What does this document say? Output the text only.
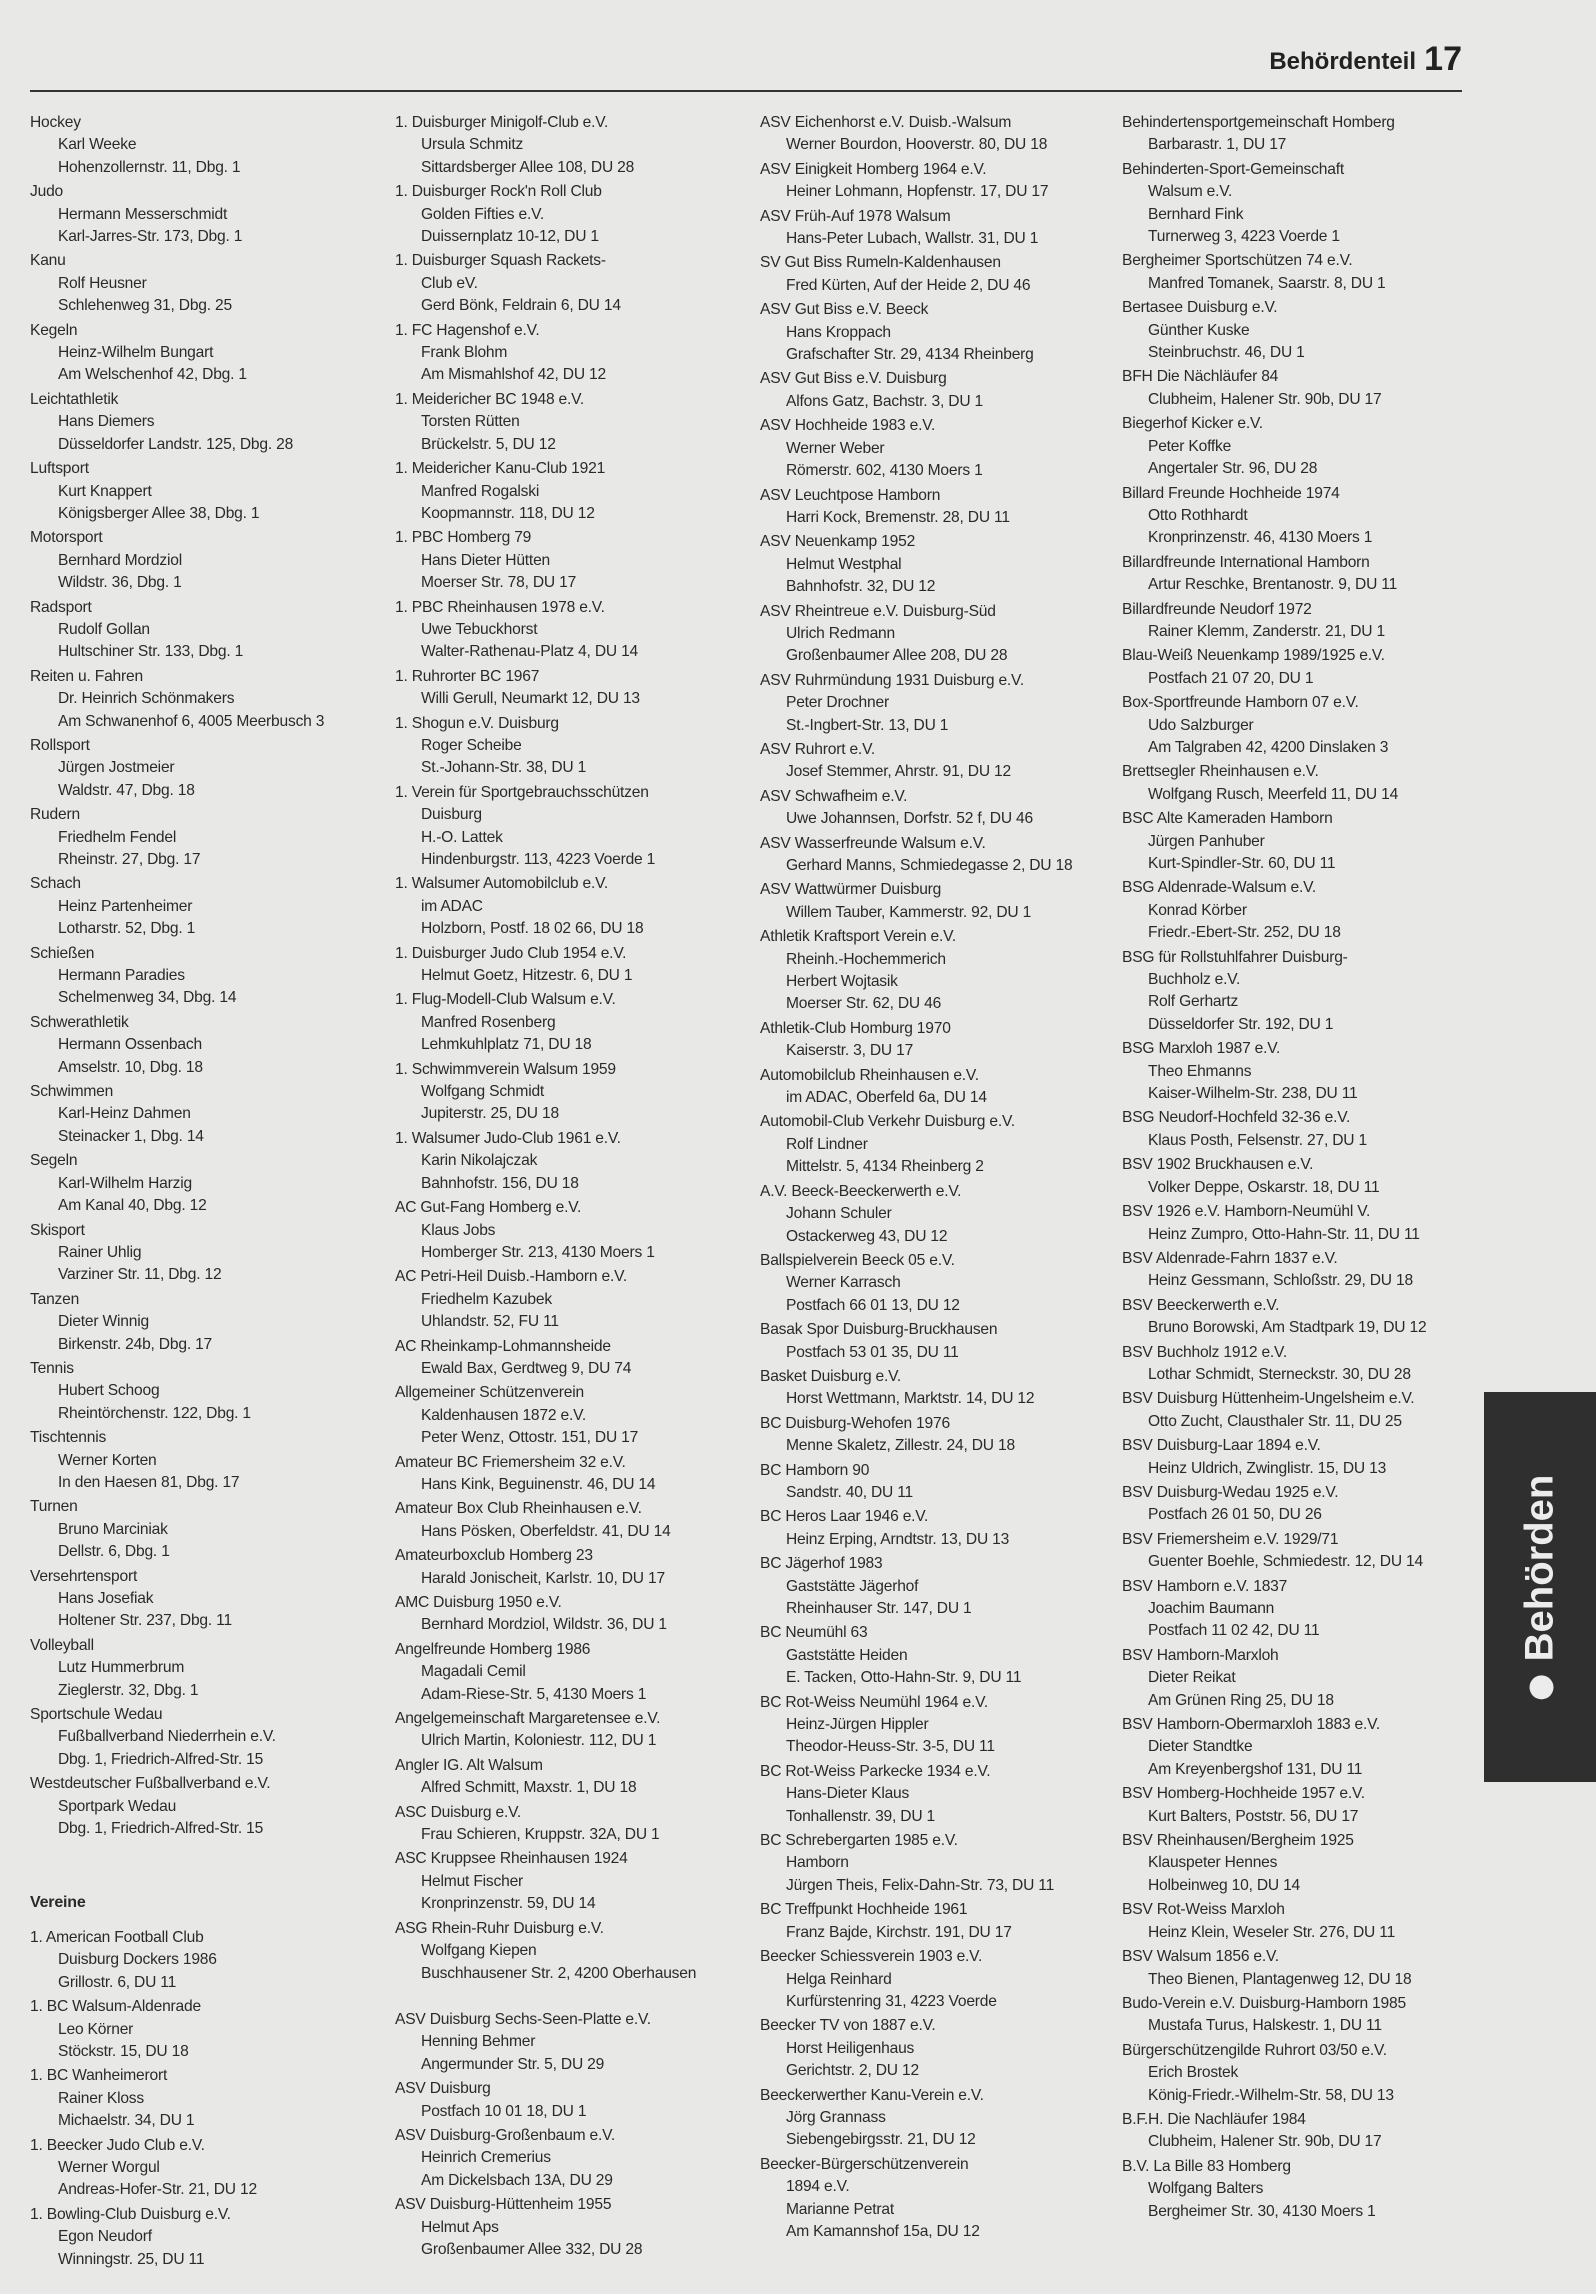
Behördenteil 17
Hockey
Karl Weeke
Hohenzollernstr. 11, Dbg. 1
Judo
Hermann Messerschmidt
Karl-Jarres-Str. 173, Dbg. 1
Kanu
Rolf Heusner
Schlehenweg 31, Dbg. 25
Kegeln
Heinz-Wilhelm Bungart
Am Welschenhof 42, Dbg. 1
Leichtathletik
Hans Diemers
Düsseldorfer Landstr. 125, Dbg. 28
Luftsport
Kurt Knappert
Königsberger Allee 38, Dbg. 1
Motorsport
Bernhard Mordziol
Wildstr. 36, Dbg. 1
Radsport
Rudolf Gollan
Hultschiner Str. 133, Dbg. 1
Reiten u. Fahren
Dr. Heinrich Schönmakers
Am Schwanenhof 6, 4005 Meerbusch 3
Rollsport
Jürgen Jostmeier
Waldstr. 47, Dbg. 18
Rudern
Friedhelm Fendel
Rheinstr. 27, Dbg. 17
Schach
Heinz Partenheimer
Lotharstr. 52, Dbg. 1
Schießen
Hermann Paradies
Schelmenweg 34, Dbg. 14
Schwerathletik
Hermann Ossenbach
Amselstr. 10, Dbg. 18
Schwimmen
Karl-Heinz Dahmen
Steinacker 1, Dbg. 14
Segeln
Karl-Wilhelm Harzig
Am Kanal 40, Dbg. 12
Skisport
Rainer Uhlig
Varziner Str. 11, Dbg. 12
Tanzen
Dieter Winnig
Birkenstr. 24b, Dbg. 17
Tennis
Hubert Schoog
Rheintörchenstr. 122, Dbg. 1
Tischtennis
Werner Korten
In den Haesen 81, Dbg. 17
Turnen
Bruno Marciniak
Dellstr. 6, Dbg. 1
Versehrtensport
Hans Josefiak
Holtener Str. 237, Dbg. 11
Volleyball
Lutz Hummerbrum
Zieglerstr. 32, Dbg. 1
Sportschule Wedau
Fußballverband Niederrhein e.V.
Dbg. 1, Friedrich-Alfred-Str. 15
Westdeutscher Fußballverband e.V.
Sportpark Wedau
Dbg. 1, Friedrich-Alfred-Str. 15
Vereine
1. American Football Club
Duisburg Dockers 1986
Grillostr. 6, DU 11
1. BC Walsum-Aldenrade
Leo Körner
Stöckstr. 15, DU 18
1. BC Wanheimerort
Rainer Kloss
Michaelstr. 34, DU 1
1. Beecker Judo Club e.V.
Werner Worgul
Andreas-Hofer-Str. 21, DU 12
1. Bowling-Club Duisburg e.V.
Egon Neudorf
Winningstr. 25, DU 11
1. Duisburger Minigolf-Club e.V.
Ursula Schmitz
Sittardsberger Allee 108, DU 28
1. Duisburger Rock'n Roll Club
Golden Fifties e.V.
Duissernplatz 10-12, DU 1
1. Duisburger Squash Rackets-
Club eV.
Gerd Bönk, Feldrain 6, DU 14
1. FC Hagenshof e.V.
Frank Blohm
Am Mismahlshof 42, DU 12
1. Meidericher BC 1948 e.V.
Torsten Rütten
Brückelstr. 5, DU 12
1. Meidericher Kanu-Club 1921
Manfred Rogalski
Koopmannstr. 118, DU 12
1. PBC Homberg 79
Hans Dieter Hütten
Moerser Str. 78, DU 17
1. PBC Rheinhausen 1978 e.V.
Uwe Tebuckhorst
Walter-Rathenau-Platz 4, DU 14
1. Ruhrorter BC 1967
Willi Gerull, Neumarkt 12, DU 13
1. Shogun e.V. Duisburg
Roger Scheibe
St.-Johann-Str. 38, DU 1
1. Verein für Sportgebrauchsschützen
Duisburg
H.-O. Lattek
Hindenburgstr. 113, 4223 Voerde 1
1. Walsumer Automobilclub e.V.
im ADAC
Holzborn, Postf. 18 02 66, DU 18
1. Duisburger Judo Club 1954 e.V.
Helmut Goetz, Hitzestr. 6, DU 1
1. Flug-Modell-Club Walsum e.V.
Manfred Rosenberg
Lehmkuhlplatz 71, DU 18
1. Schwimmverein Walsum 1959
Wolfgang Schmidt
Jupiterstr. 25, DU 18
1. Walsumer Judo-Club 1961 e.V.
Karin Nikolajczak
Bahnhofstr. 156, DU 18
AC Gut-Fang Homberg e.V.
Klaus Jobs
Homberger Str. 213, 4130 Moers 1
AC Petri-Heil Duisb.-Hamborn e.V.
Friedhelm Kazubek
Uhlandstr. 52, FU 11
AC Rheinkamp-Lohmannsheide
Ewald Bax, Gerdtweg 9, DU 74
Allgemeiner Schützenverein
Kaldenhausen 1872 e.V.
Peter Wenz, Ottostr. 151, DU 17
Amateur BC Friemersheim 32 e.V.
Hans Kink, Beguinenstr. 46, DU 14
Amateur Box Club Rheinhausen e.V.
Hans Pösken, Oberfeldstr. 41, DU 14
Amateurboxclub Homberg 23
Harald Jonischeit, Karlstr. 10, DU 17
AMC Duisburg 1950 e.V.
Bernhard Mordziol, Wildstr. 36, DU 1
Angelfreunde Homberg 1986
Magadali Cemil
Adam-Riese-Str. 5, 4130 Moers 1
Angelgemeinschaft Margaretensee e.V.
Ulrich Martin, Koloniestr. 112, DU 1
Angler IG. Alt Walsum
Alfred Schmitt, Maxstr. 1, DU 18
ASC Duisburg e.V.
Frau Schieren, Kruppstr. 32A, DU 1
ASC Kruppsee Rheinhausen 1924
Helmut Fischer
Kronprinzenstr. 59, DU 14
ASG Rhein-Ruhr Duisburg e.V.
Wolfgang Kiepen
Buschhausener Str. 2, 4200 Oberhausen
ASV Duisburg Sechs-Seen-Platte e.V.
Henning Behmer
Angermunder Str. 5, DU 29
ASV Duisburg
Postfach 10 01 18, DU 1
ASV Duisburg-Großenbaum e.V.
Heinrich Cremerius
Am Dickelsbach 13A, DU 29
ASV Duisburg-Hüttenheim 1955
Helmut Aps
Großenbaumer Allee 332, DU 28
ASV Eichenhorst e.V. Duisb.-Walsum
Werner Bourdon, Hooverstr. 80, DU 18
ASV Einigkeit Homberg 1964 e.V.
Heiner Lohmann, Hopfenstr. 17, DU 17
ASV Früh-Auf 1978 Walsum
Hans-Peter Lubach, Wallstr. 31, DU 1
SV Gut Biss Rumeln-Kaldenhausen
Fred Kürten, Auf der Heide 2, DU 46
ASV Gut Biss e.V. Beeck
Hans Kroppach
Grafschafter Str. 29, 4134 Rheinberg
ASV Gut Biss e.V. Duisburg
Alfons Gatz, Bachstr. 3, DU 1
ASV Hochheide 1983 e.V.
Werner Weber
Römerstr. 602, 4130 Moers 1
ASV Leuchtpose Hamborn
Harri Kock, Bremenstr. 28, DU 11
ASV Neuenkamp 1952
Helmut Westphal
Bahnhofstr. 32, DU 12
ASV Rheintreue e.V. Duisburg-Süd
Ulrich Redmann
Großenbaumer Allee 208, DU 28
ASV Ruhrmündung 1931 Duisburg e.V.
Peter Drochner
St.-Ingbert-Str. 13, DU 1
ASV Ruhrort e.V.
Josef Stemmer, Ahrstr. 91, DU 12
ASV Schwafheim e.V.
Uwe Johannsen, Dorfstr. 52 f, DU 46
ASV Wasserfreunde Walsum e.V.
Gerhard Manns, Schmiedegasse 2, DU 18
ASV Wattwürmer Duisburg
Willem Tauber, Kammerstr. 92, DU 1
Athletik Kraftsport Verein e.V.
Rheinh.-Hochemmerich
Herbert Wojtasik
Moerser Str. 62, DU 46
Athletik-Club Homburg 1970
Kaiserstr. 3, DU 17
Automobilclub Rheinhausen e.V.
im ADAC, Oberfeld 6a, DU 14
Automobil-Club Verkehr Duisburg e.V.
Rolf Lindner
Mittelstr. 5, 4134 Rheinberg 2
A.V. Beeck-Beeckerwerth e.V.
Johann Schuler
Ostackerweg 43, DU 12
Ballspielverein Beeck 05 e.V.
Werner Karrasch
Postfach 66 01 13, DU 12
Basak Spor Duisburg-Bruckhausen
Postfach 53 01 35, DU 11
Basket Duisburg e.V.
Horst Wettmann, Marktstr. 14, DU 12
BC Duisburg-Wehofen 1976
Menne Skaletz, Zillestr. 24, DU 18
BC Hamborn 90
Sandstr. 40, DU 11
BC Heros Laar 1946 e.V.
Heinz Erping, Arndtstr. 13, DU 13
BC Jägerhof 1983
Gaststätte Jägerhof
Rheinhauser Str. 147, DU 1
BC Neumühl 63
Gaststätte Heiden
E. Tacken, Otto-Hahn-Str. 9, DU 11
BC Rot-Weiss Neumühl 1964 e.V.
Heinz-Jürgen Hippler
Theodor-Heuss-Str. 3-5, DU 11
BC Rot-Weiss Parkecke 1934 e.V.
Hans-Dieter Klaus
Tonhallenstr. 39, DU 1
BC Schrebergarten 1985 e.V.
Hamborn
Jürgen Theis, Felix-Dahn-Str. 73, DU 11
BC Treffpunkt Hochheide 1961
Franz Bajde, Kirchstr. 191, DU 17
Beecker Schiessverein 1903 e.V.
Helga Reinhard
Kurfürstenring 31, 4223 Voerde
Beecker TV von 1887 e.V.
Horst Heiligenhaus
Gerichtstr. 2, DU 12
Beeckerwerther Kanu-Verein e.V.
Jörg Grannass
Siebengebirgsstr. 21, DU 12
Beecker-Bürgerschützenverein
1894 e.V.
Marianne Petrat
Am Kamannshof 15a, DU 12
Behindertensportgemeinschaft Homberg
Barbarastr. 1, DU 17
Behinderten-Sport-Gemeinschaft
Walsum e.V.
Bernhard Fink
Turnerweg 3, 4223 Voerde 1
Bergheimer Sportschützen 74 e.V.
Manfred Tomanek, Saarstr. 8, DU 1
Bertasee Duisburg e.V.
Günther Kuske
Steinbruchstr. 46, DU 1
BFH Die Nächläufer 84
Clubheim, Halener Str. 90b, DU 17
Biegerhof Kicker e.V.
Peter Koffke
Angertaler Str. 96, DU 28
Billard Freunde Hochheide 1974
Otto Rothhardt
Kronprinzenstr. 46, 4130 Moers 1
Billardfreunde International Hamborn
Artur Reschke, Brentanostr. 9, DU 11
Billardfreunde Neudorf 1972
Rainer Klemm, Zanderstr. 21, DU 1
Blau-Weiß Neuenkamp 1989/1925 e.V.
Postfach 21 07 20, DU 1
Box-Sportfreunde Hamborn 07 e.V.
Udo Salzburger
Am Talgraben 42, 4200 Dinslaken 3
Brettsegler Rheinhausen e.V.
Wolfgang Rusch, Meerfeld 11, DU 14
BSC Alte Kameraden Hamborn
Jürgen Panhuber
Kurt-Spindler-Str. 60, DU 11
BSG Aldenrade-Walsum e.V.
Konrad Körber
Friedr.-Ebert-Str. 252, DU 18
BSG für Rollstuhlfahrer Duisburg-
Buchholz e.V.
Rolf Gerhartz
Düsseldorfer Str. 192, DU 1
BSG Marxloh 1987 e.V.
Theo Ehmanns
Kaiser-Wilhelm-Str. 238, DU 11
BSG Neudorf-Hochfeld 32-36 e.V.
Klaus Posth, Felsenstr. 27, DU 1
BSV 1902 Bruckhausen e.V.
Volker Deppe, Oskarstr. 18, DU 11
BSV 1926 e.V. Hamborn-Neumühl V.
Heinz Zumpro, Otto-Hahn-Str. 11, DU 11
BSV Aldenrade-Fahrn 1837 e.V.
Heinz Gessmann, Schloßstr. 29, DU 18
BSV Beeckerwerth e.V.
Bruno Borowski, Am Stadtpark 19, DU 12
BSV Buchholz 1912 e.V.
Lothar Schmidt, Sterneckstr. 30, DU 28
BSV Duisburg Hüttenheim-Ungelsheim e.V.
Otto Zucht, Clausthaler Str. 11, DU 25
BSV Duisburg-Laar 1894 e.V.
Heinz Uldrich, Zwinglistr. 15, DU 13
BSV Duisburg-Wedau 1925 e.V.
Postfach 26 01 50, DU 26
BSV Friemersheim e.V. 1929/71
Guenter Boehle, Schmiedestr. 12, DU 14
BSV Hamborn e.V. 1837
Joachim Baumann
Postfach 11 02 42, DU 11
BSV Hamborn-Marxloh
Dieter Reikat
Am Grünen Ring 25, DU 18
BSV Hamborn-Obermarxloh 1883 e.V.
Dieter Standtke
Am Kreyenbergshof 131, DU 11
BSV Homberg-Hochheide 1957 e.V.
Kurt Balters, Poststr. 56, DU 17
BSV Rheinhausen/Bergheim 1925
Klauspeter Hennes
Holbeinweg 10, DU 14
BSV Rot-Weiss Marxloh
Heinz Klein, Weseler Str. 276, DU 11
BSV Walsum 1856 e.V.
Theo Bienen, Plantagenweg 12, DU 18
Budo-Verein e.V. Duisburg-Hamborn 1985
Mustafa Turus, Halskestr. 1, DU 11
Bürgerschützengilde Ruhrort 03/50 e.V.
Erich Brostek
König-Friedr.-Wilhelm-Str. 58, DU 13
B.F.H. Die Nachläufer 1984
Clubheim, Halener Str. 90b, DU 17
B.V. La Bille 83 Homberg
Wolfgang Balters
Bergheimer Str. 30, 4130 Moers 1
Behörden
